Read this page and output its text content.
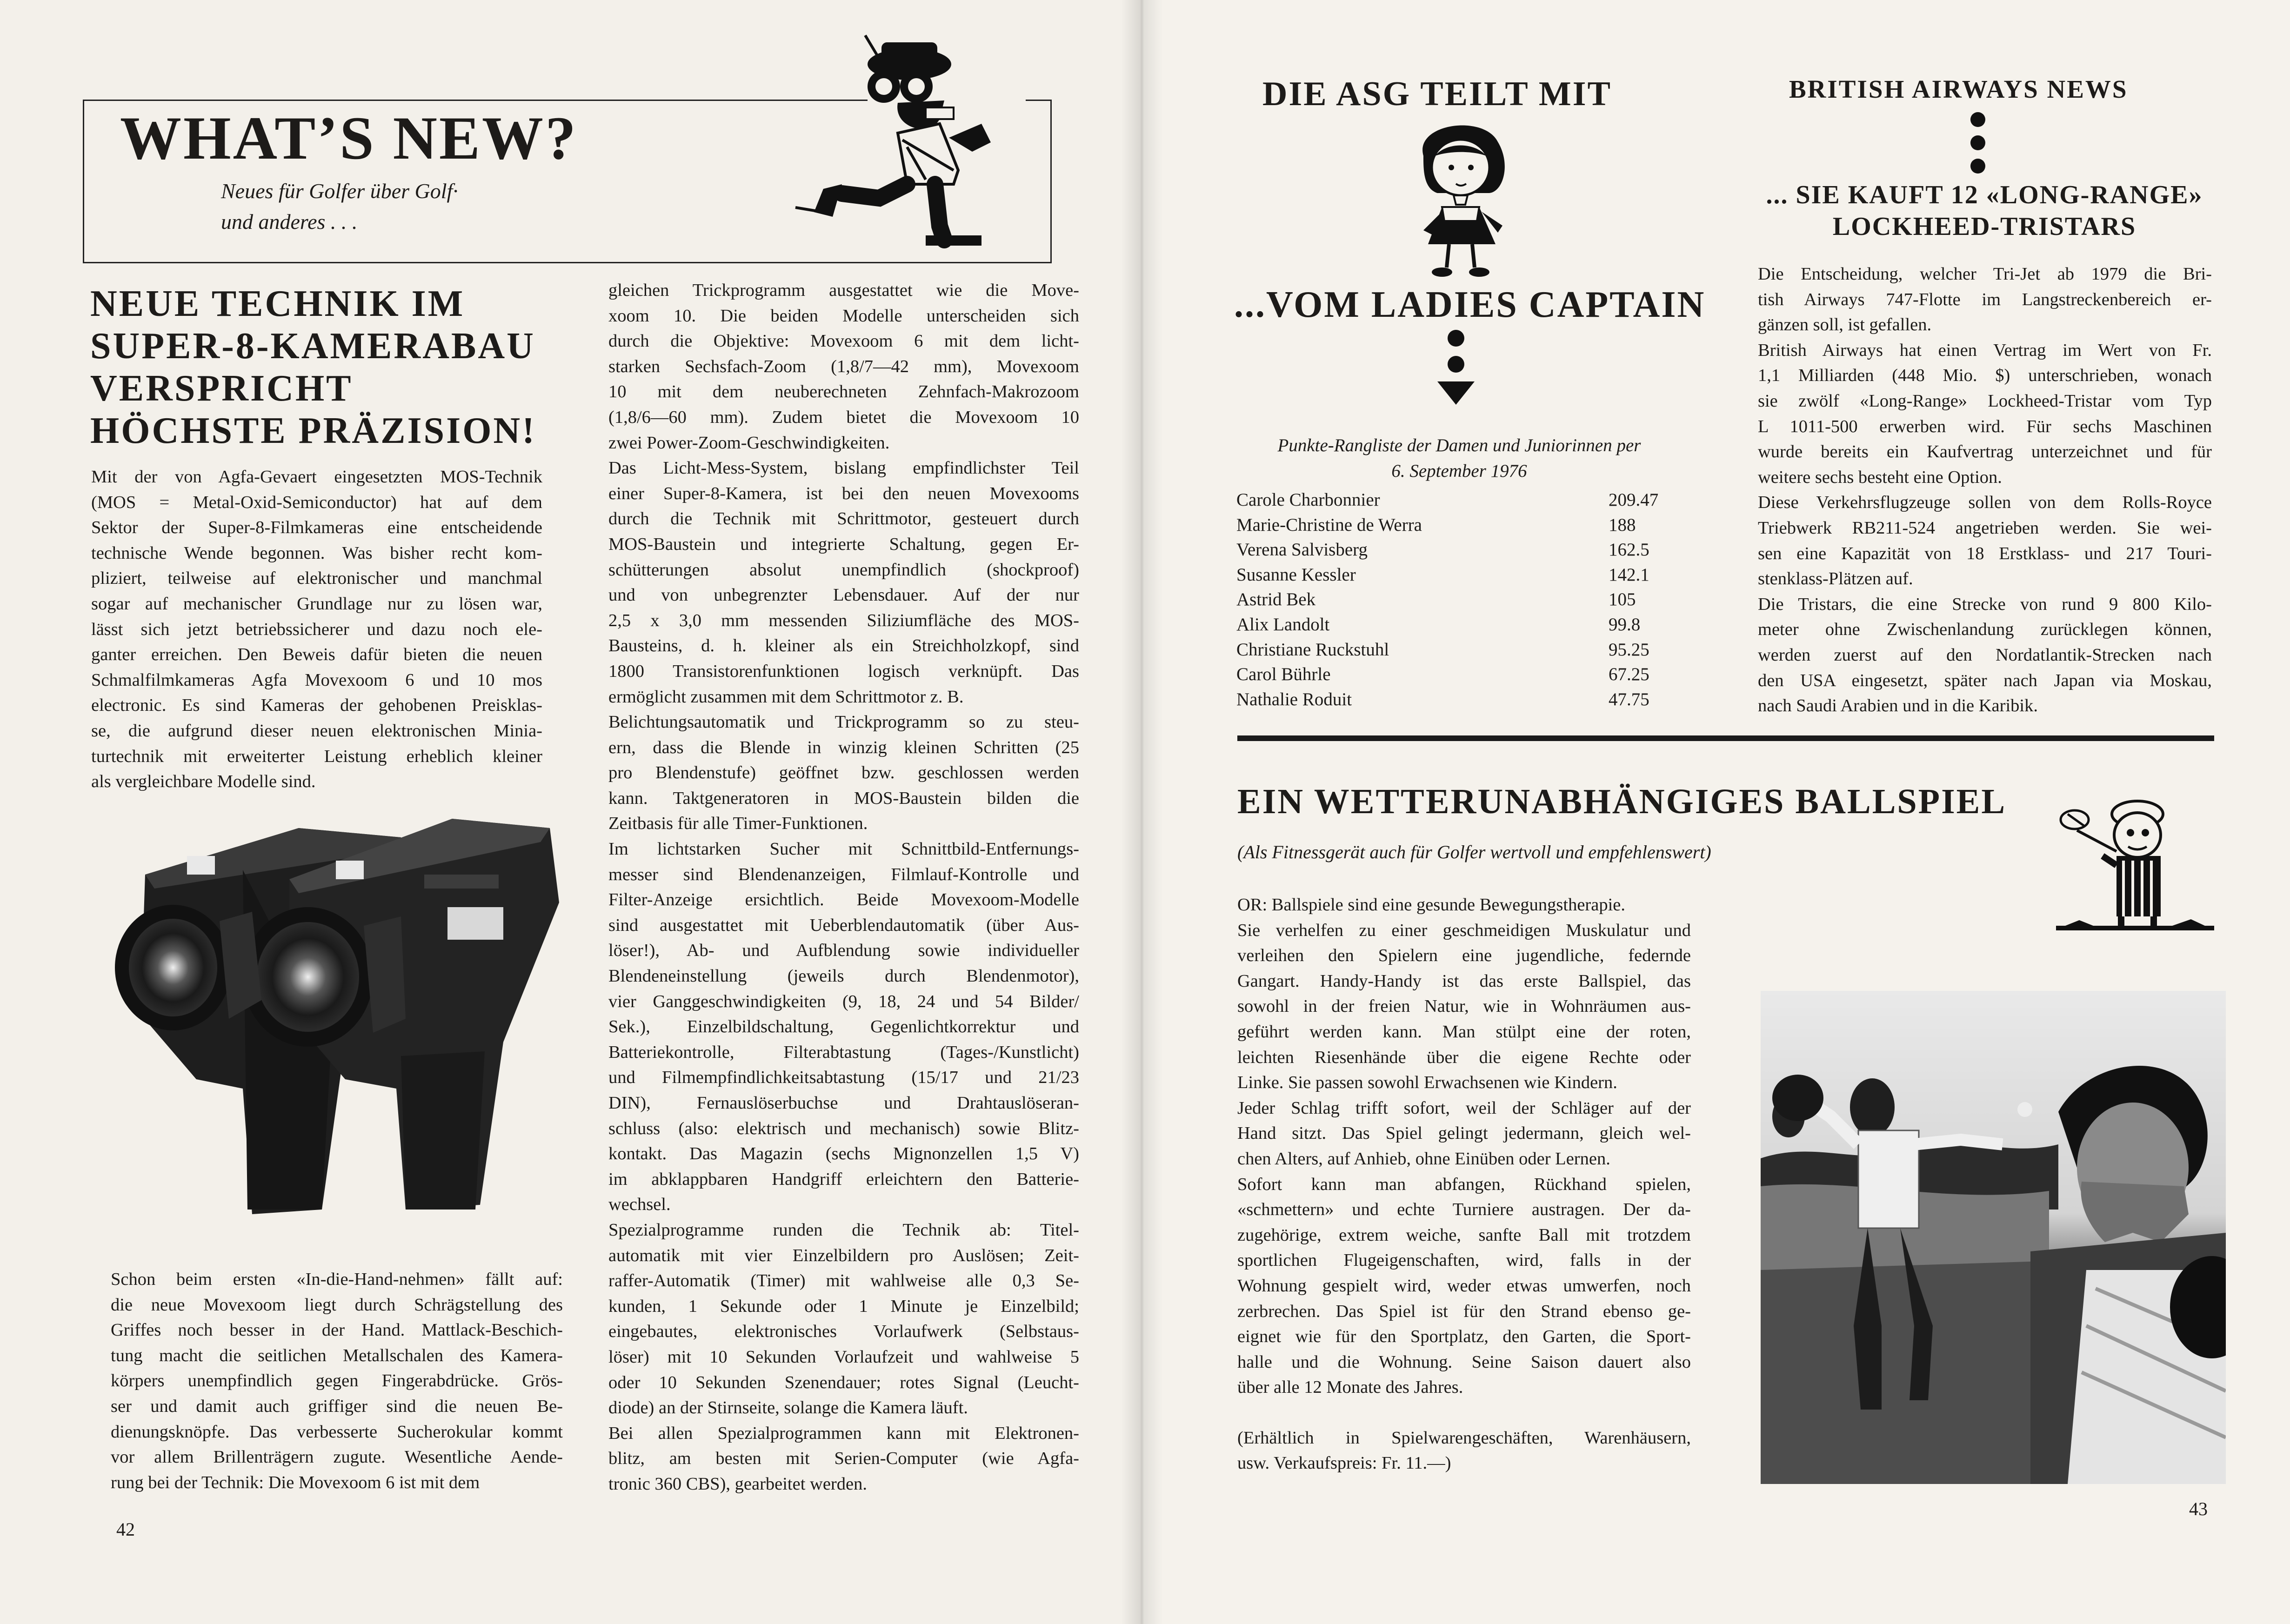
WHAT’S NEW?
Neues für Golfer über Golf·
und anderes . . .
NEUE TECHNIK IM
SUPER-8-KAMERABAU
VERSPRICHT
HÖCHSTE PRÄZISION!
Mit der von Agfa-Gevaert eingesetzten MOS-Technik
(MOS = Metal-Oxid-Semiconductor) hat auf dem
Sektor der Super-8-Filmkameras eine entscheidende
technische Wende begonnen. Was bisher recht kom-
pliziert, teilweise auf elektronischer und manchmal
sogar auf mechanischer Grundlage nur zu lösen war,
lässt sich jetzt betriebssicherer und dazu noch ele-
ganter erreichen. Den Beweis dafür bieten die neuen
Schmalfilmkameras Agfa Movexoom 6 und 10 mos
electronic. Es sind Kameras der gehobenen Preisklas-
se, die aufgrund dieser neuen elektronischen Minia-
turtechnik mit erweiterter Leistung erheblich kleiner
als vergleichbare Modelle sind.
Schon beim ersten «In-die-Hand-nehmen» fällt auf:
die neue Movexoom liegt durch Schrägstellung des
Griffes noch besser in der Hand. Mattlack-Beschich-
tung macht die seitlichen Metallschalen des Kamera-
körpers unempfindlich gegen Fingerabdrücke. Grös-
ser und damit auch griffiger sind die neuen Be-
dienungsknöpfe. Das verbesserte Sucherokular kommt
vor allem Brillenträgern zugute. Wesentliche Aende-
rung bei der Technik: Die Movexoom 6 ist mit dem
gleichen Trickprogramm ausgestattet wie die Move-
xoom 10. Die beiden Modelle unterscheiden sich
durch die Objektive: Movexoom 6 mit dem licht-
starken Sechsfach-Zoom (1,8/7—42 mm), Movexoom
10 mit dem neuberechneten Zehnfach-Makrozoom
(1,8/6—60 mm). Zudem bietet die Movexoom 10
zwei Power-Zoom-Geschwindigkeiten.
Das Licht-Mess-System, bislang empfindlichster Teil
einer Super-8-Kamera, ist bei den neuen Movexooms
durch die Technik mit Schrittmotor, gesteuert durch
MOS-Baustein und integrierte Schaltung, gegen Er-
schütterungen absolut unempfindlich (shockproof)
und von unbegrenzter Lebensdauer. Auf der nur
2,5 x 3,0 mm messenden Siliziumfläche des MOS-
Bausteins, d. h. kleiner als ein Streichholzkopf, sind
1800 Transistorenfunktionen logisch verknüpft. Das
ermöglicht zusammen mit dem Schrittmotor z. B.
Belichtungsautomatik und Trickprogramm so zu steu-
ern, dass die Blende in winzig kleinen Schritten (25
pro Blendenstufe) geöffnet bzw. geschlossen werden
kann. Taktgeneratoren in MOS-Baustein bilden die
Zeitbasis für alle Timer-Funktionen.
Im lichtstarken Sucher mit Schnittbild-Entfernungs-
messer sind Blendenanzeigen, Filmlauf-Kontrolle und
Filter-Anzeige ersichtlich. Beide Movexoom-Modelle
sind ausgestattet mit Ueberblendautomatik (über Aus-
löser!), Ab- und Aufblendung sowie individueller
Blendeneinstellung (jeweils durch Blendenmotor),
vier Ganggeschwindigkeiten (9, 18, 24 und 54 Bilder/
Sek.), Einzelbildschaltung, Gegenlichtkorrektur und
Batteriekontrolle, Filterabtastung (Tages-/Kunstlicht)
und Filmempfindlichkeitsabtastung (15/17 und 21/23
DIN), Fernauslöserbuchse und Drahtauslöseran-
schluss (also: elektrisch und mechanisch) sowie Blitz-
kontakt. Das Magazin (sechs Mignonzellen 1,5 V)
im abklappbaren Handgriff erleichtern den Batterie-
wechsel.
Spezialprogramme runden die Technik ab: Titel-
automatik mit vier Einzelbildern pro Auslösen; Zeit-
raffer-Automatik (Timer) mit wahlweise alle 0,3 Se-
kunden, 1 Sekunde oder 1 Minute je Einzelbild;
eingebautes, elektronisches Vorlaufwerk (Selbstaus-
löser) mit 10 Sekunden Vorlaufzeit und wahlweise 5
oder 10 Sekunden Szenendauer; rotes Signal (Leucht-
diode) an der Stirnseite, solange die Kamera läuft.
Bei allen Spezialprogrammen kann mit Elektronen-
blitz, am besten mit Serien-Computer (wie Agfa-
tronic 360 CBS), gearbeitet werden.

42

DIE ASG TEILT MIT
...VOM LADIES CAPTAIN
Punkte-Rangliste der Damen und Juniorinnen per
6. September 1976
Carole Charbonnier	209.47
Marie-Christine de Werra	188
Verena Salvisberg	162.5
Susanne Kessler	142.1
Astrid Bek	105
Alix Landolt	99.8
Christiane Ruckstuhl	95.25
Carol Bührle	67.25
Nathalie Roduit	47.75
BRITISH AIRWAYS NEWS
... SIE KAUFT 12 «LONG-RANGE»
LOCKHEED-TRISTARS
Die Entscheidung, welcher Tri-Jet ab 1979 die Bri-
tish Airways 747-Flotte im Langstreckenbereich er-
gänzen soll, ist gefallen.
British Airways hat einen Vertrag im Wert von Fr.
1,1 Milliarden (448 Mio. $) unterschrieben, wonach
sie zwölf «Long-Range» Lockheed-Tristar vom Typ
L 1011-500 erwerben wird. Für sechs Maschinen
wurde bereits ein Kaufvertrag unterzeichnet und für
weitere sechs besteht eine Option.
Diese Verkehrsflugzeuge sollen von dem Rolls-Royce
Triebwerk RB211-524 angetrieben werden. Sie wei-
sen eine Kapazität von 18 Erstklass- und 217 Touri-
stenklass-Plätzen auf.
Die Tristars, die eine Strecke von rund 9 800 Kilo-
meter ohne Zwischenlandung zurücklegen können,
werden zuerst auf den Nordatlantik-Strecken nach
den USA eingesetzt, später nach Japan via Moskau,
nach Saudi Arabien und in die Karibik.
EIN WETTERUNABHÄNGIGES BALLSPIEL

(Als Fitnessgerät auch für Golfer wertvoll und empfehlenswert)

OR: Ballspiele sind eine gesunde Bewegungstherapie.
Sie verhelfen zu einer geschmeidigen Muskulatur und
verleihen den Spielern eine jugendliche, federnde
Gangart. Handy-Handy ist das erste Ballspiel, das
sowohl in der freien Natur, wie in Wohnräumen aus-
geführt werden kann. Man stülpt eine der roten,
leichten Riesenhände über die eigene Rechte oder
Linke. Sie passen sowohl Erwachsenen wie Kindern.
Jeder Schlag trifft sofort, weil der Schläger auf der
Hand sitzt. Das Spiel gelingt jedermann, gleich wel-
chen Alters, auf Anhieb, ohne Einüben oder Lernen.
Sofort kann man abfangen, Rückhand spielen,
«schmettern» und echte Turniere austragen. Der da-
zugehörige, extrem weiche, sanfte Ball mit trotzdem
sportlichen Flugeigenschaften, wird, falls in der
Wohnung gespielt wird, weder etwas umwerfen, noch
zerbrechen. Das Spiel ist für den Strand ebenso ge-
eignet wie für den Sportplatz, den Garten, die Sport-
halle und die Wohnung. Seine Saison dauert also
über alle 12 Monate des Jahres.
(Erhältlich in Spielwarengeschäften, Warenhäusern,
usw. Verkaufspreis: Fr. 11.—)

43
